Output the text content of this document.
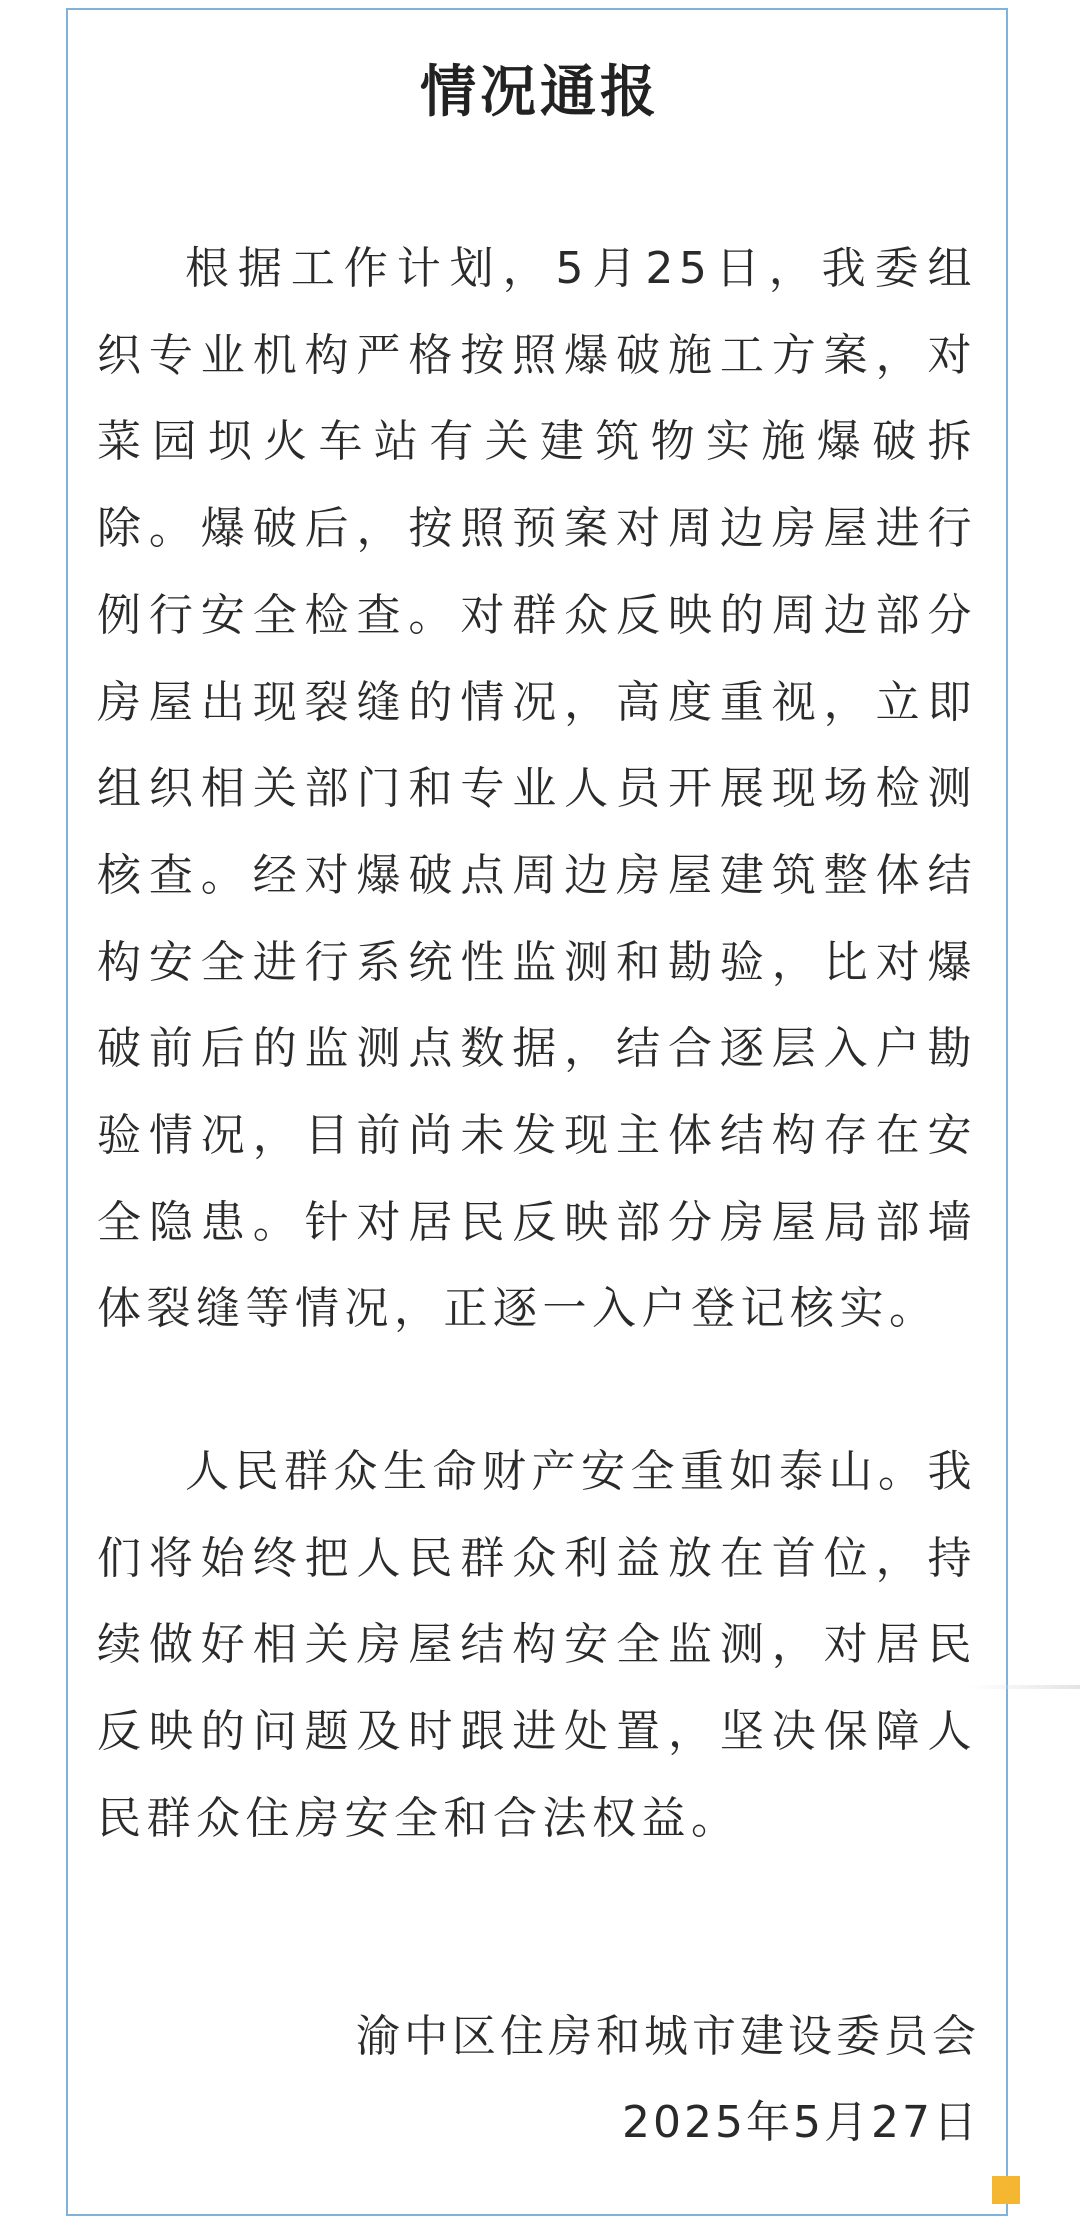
情况通报

根据工作计划，5月25日，我委组织专业机构严格按照爆破施工方案，对菜园坝火车站有关建筑物实施爆破拆除。爆破后，按照预案对周边房屋进行例行安全检查。对群众反映的周边部分房屋出现裂缝的情况，高度重视，立即组织相关部门和专业人员开展现场检测核查。经对爆破点周边房屋建筑整体结构安全进行系统性监测和勘验，比对爆破前后的监测点数据，结合逐层入户勘验情况，目前尚未发现主体结构存在安全隐患。针对居民反映部分房屋局部墙体裂缝等情况，正逐一入户登记核实。

人民群众生命财产安全重如泰山。我们将始终把人民群众利益放在首位，持续做好相关房屋结构安全监测，对居民反映的问题及时跟进处置，坚决保障人民群众住房安全和合法权益。

渝中区住房和城市建设委员会
2025年5月27日
